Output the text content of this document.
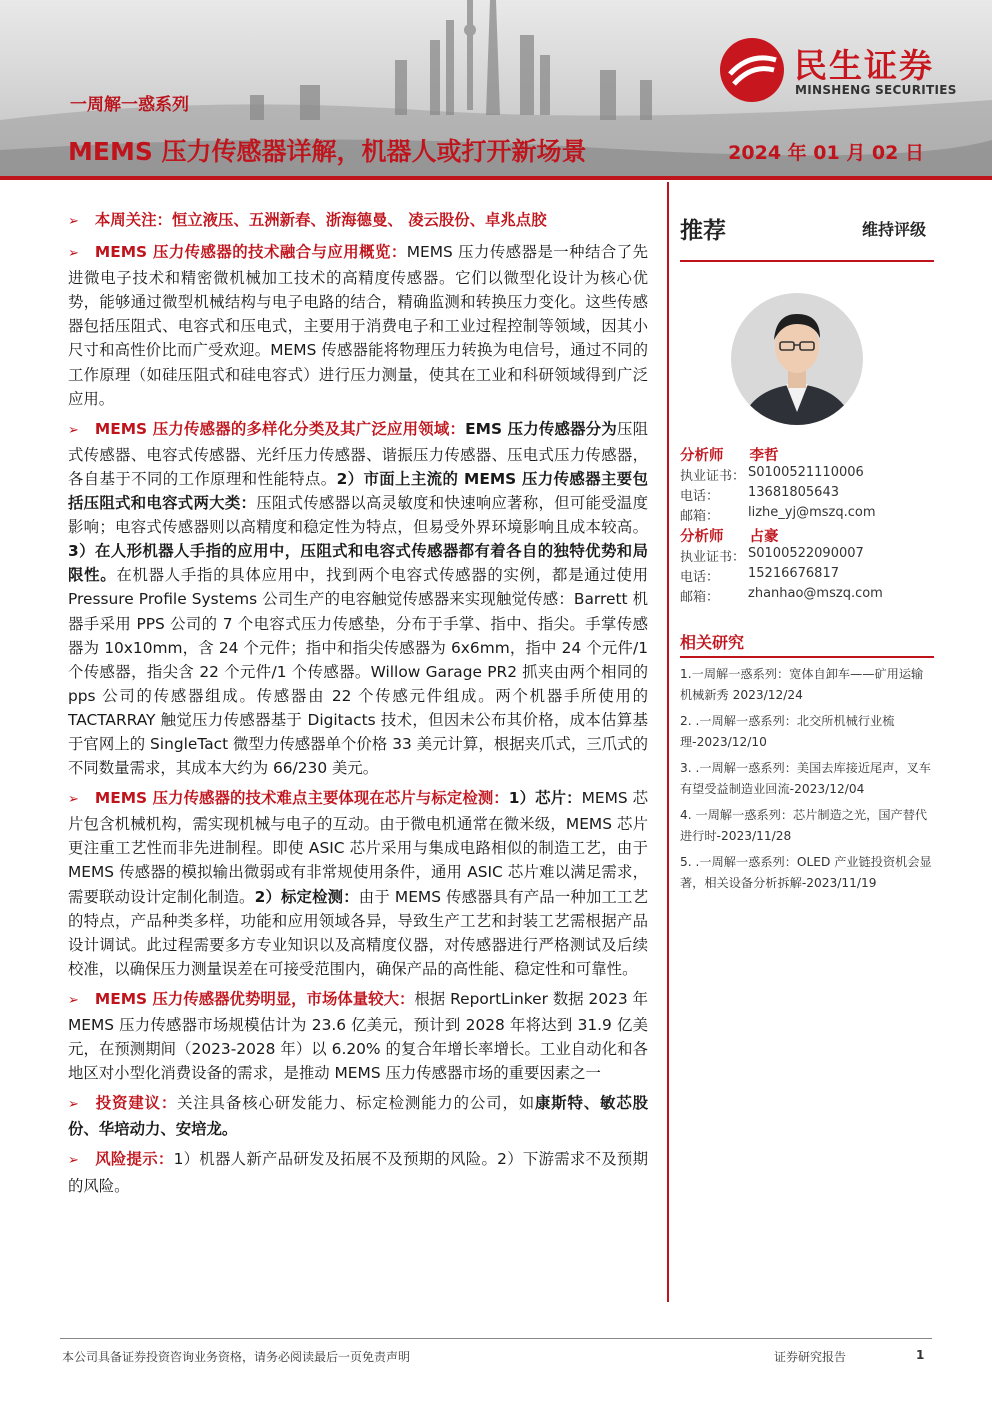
一周解一惑系列
MEMS 压力传感器详解，机器人或打开新场景	2024 年 01 月 02 日
民生证券
MINSHENG SECURITIES

➢ 本周关注：恒立液压、五洲新春、浙海德曼、 凌云股份、卓兆点胶

➢ MEMS 压力传感器的技术融合与应用概览：MEMS 压力传感器是一种结合了先进微电子技术和精密微机械加工技术的高精度传感器。它们以微型化设计为核心优势，能够通过微型机械结构与电子电路的结合，精确监测和转换压力变化。这些传感器包括压阻式、电容式和压电式，主要用于消费电子和工业过程控制等领域，因其小尺寸和高性价比而广受欢迎。MEMS 传感器能将物理压力转换为电信号，通过不同的工作原理（如硅压阻式和硅电容式）进行压力测量，使其在工业和科研领域得到广泛应用。

➢ MEMS 压力传感器的多样化分类及其广泛应用领域：EMS 压力传感器分为压阻式传感器、电容式传感器、光纤压力传感器、谐振压力传感器、压电式压力传感器，各自基于不同的工作原理和性能特点。2）市面上主流的 MEMS 压力传感器主要包括压阻式和电容式两大类：压阻式传感器以高灵敏度和快速响应著称，但可能受温度影响；电容式传感器则以高精度和稳定性为特点，但易受外界环境影响且成本较高。3）在人形机器人手指的应用中，压阻式和电容式传感器都有着各自的独特优势和局限性。在机器人手指的具体应用中，找到两个电容式传感器的实例，都是通过使用 Pressure Profile Systems 公司生产的电容触觉传感器来实现触觉传感：Barrett 机器手采用 PPS 公司的 7 个电容式压力传感垫，分布于手掌、指中、指尖。手掌传感器为 10x10mm，含 24 个元件；指中和指尖传感器为 6x6mm，指中 24 个元件/1 个传感器，指尖含 22 个元件/1 个传感器。Willow Garage PR2 抓夹由两个相同的 pps 公司的传感器组成。传感器由 22 个传感元件组成。两个机器手所使用的 TACTARRAY 触觉压力传感器基于 Digitacts 技术，但因未公布其价格，成本估算基于官网上的 SingleTact 微型力传感器单个价格 33 美元计算，根据夹爪式，三爪式的不同数量需求，其成本大约为 66/230 美元。

➢ MEMS 压力传感器的技术难点主要体现在芯片与标定检测：1）芯片：MEMS 芯片包含机械机构，需实现机械与电子的互动。由于微电机通常在微米级，MEMS 芯片更注重工艺性而非先进制程。即使 ASIC 芯片采用与集成电路相似的制造工艺，由于 MEMS 传感器的模拟输出微弱或有非常规使用条件，通用 ASIC 芯片难以满足需求，需要联动设计定制化制造。2）标定检测：由于 MEMS 传感器具有产品一种加工工艺的特点，产品种类多样，功能和应用领域各异，导致生产工艺和封装工艺需根据产品设计调试。此过程需要多方专业知识以及高精度仪器，对传感器进行严格测试及后续校准，以确保压力测量误差在可接受范围内，确保产品的高性能、稳定性和可靠性。

➢ MEMS 压力传感器优势明显，市场体量较大：根据 ReportLinker 数据 2023 年 MEMS 压力传感器市场规模估计为 23.6 亿美元，预计到 2028 年将达到 31.9 亿美元，在预测期间（2023-2028 年）以 6.20% 的复合年增长率增长。工业自动化和各地区对小型化消费设备的需求，是推动 MEMS 压力传感器市场的重要因素之一

➢ 投资建议：关注具备核心研发能力、标定检测能力的公司，如康斯特、敏芯股份、华培动力、安培龙。

➢ 风险提示：1）机器人新产品研发及拓展不及预期的风险。2）下游需求不及预期的风险。

推荐	维持评级
分析师 李哲
执业证书： S0100521110006
电话：	13681805643
邮箱：	lizhe_yj@mszq.com
分析师 占豪
执业证书： S0100522090007
电话：	15216676817
邮箱：	zhanhao@mszq.com
相关研究
1.一周解一惑系列：宽体自卸车——矿用运输机械新秀 2023/12/24
2. .一周解一惑系列：北交所机械行业梳理-2023/12/10
3. .一周解一惑系列：美国去库接近尾声，叉车有望受益制造业回流-2023/12/04
4. 一周解一惑系列：芯片制造之光，国产替代进行时-2023/11/28
5. .一周解一惑系列：OLED 产业链投资机会显著，相关设备分析拆解-2023/11/19
本公司具备证券投资咨询业务资格，请务必阅读最后一页免责声明	证券研究报告	1
